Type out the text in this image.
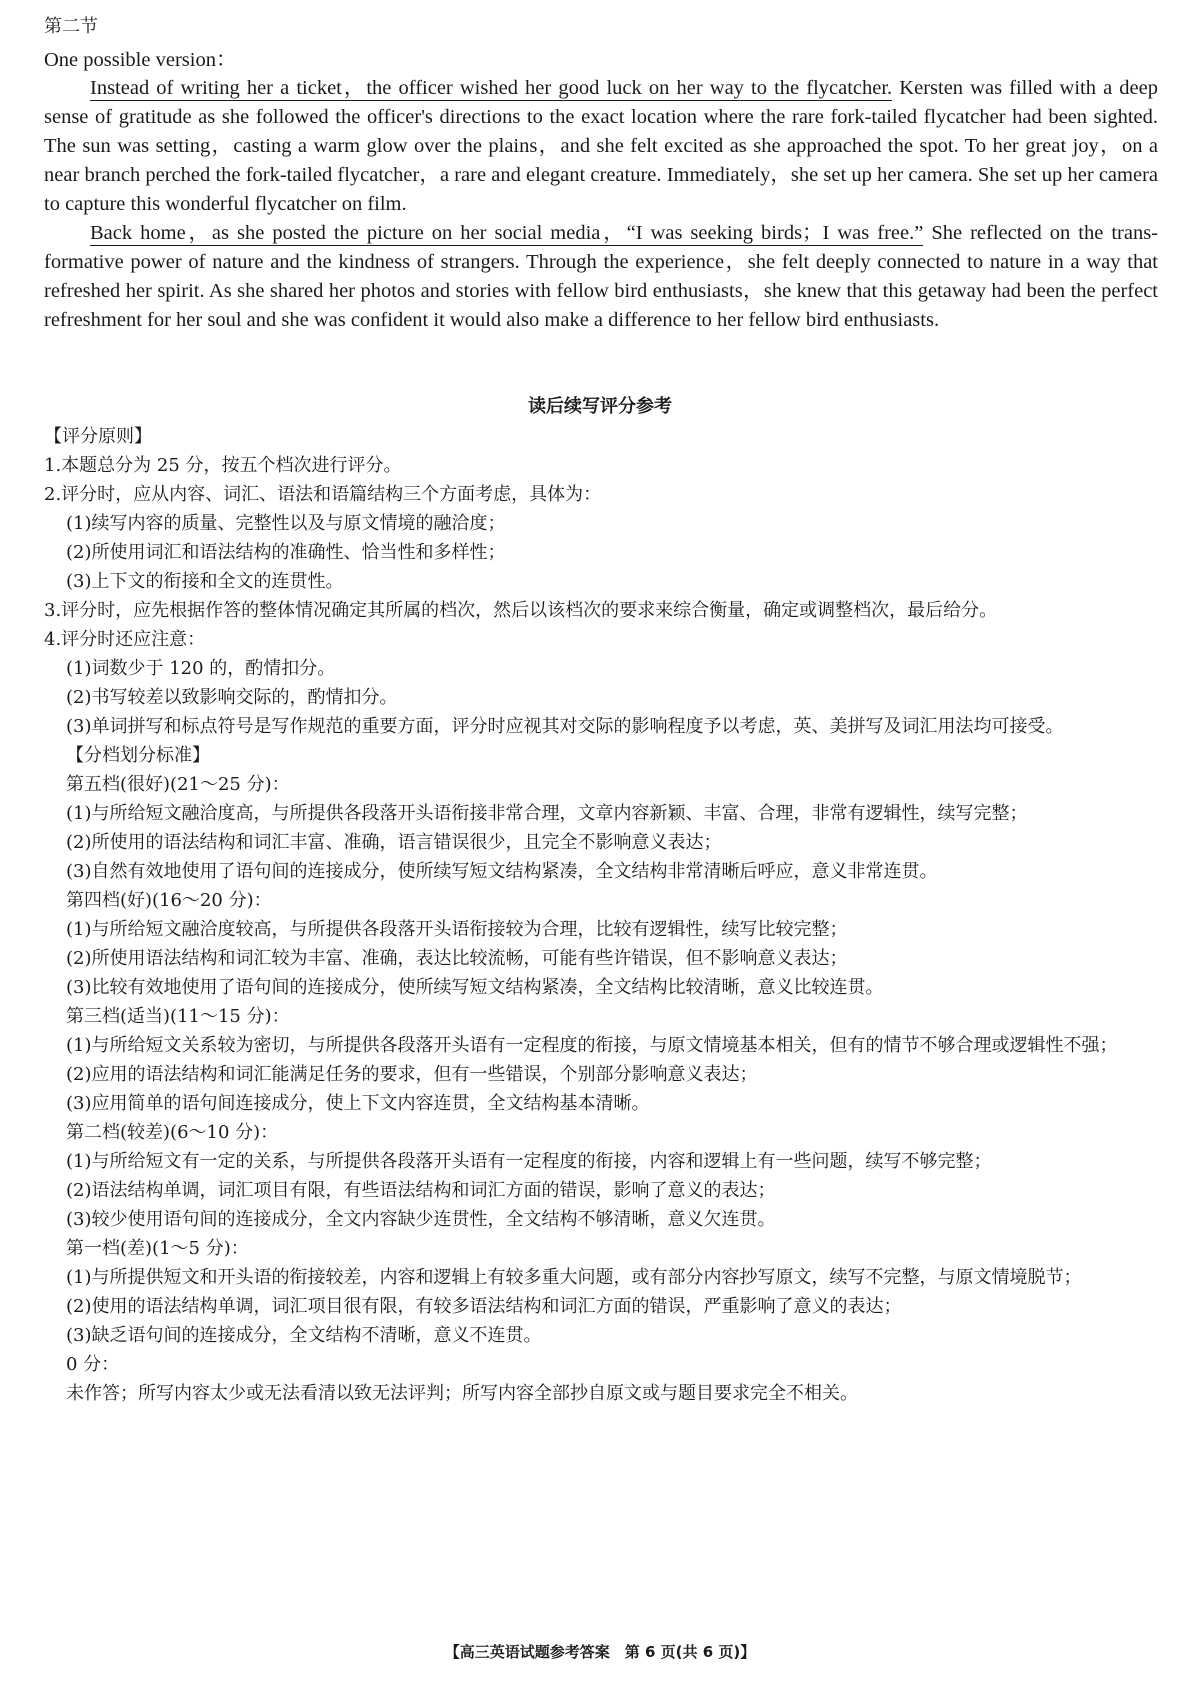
第二节
One possible version：

Instead of writing her a ticket，the officer wished her good luck on her way to the flycatcher. Kersten was filled with a deep sense of gratitude as she followed the officer's directions to the exact location where the rare fork-tailed flycatcher had been sighted. The sun was setting，casting a warm glow over the plains，and she felt excited as she approached the spot. To her great joy，on a near branch perched the fork-tailed flycatcher，a rare and elegant creature. Immediately，she set up her camera. She set up her camera to capture this wonderful flycatcher on film.

Back home，as she posted the picture on her social media，“I was seeking birds；I was free.” She reflected on the trans-formative power of nature and the kindness of strangers. Through the experience，she felt deeply connected to nature in a way that refreshed her spirit. As she shared her photos and stories with fellow bird enthusiasts，she knew that this getaway had been the perfect refreshment for her soul and she was confident it would also make a difference to her fellow bird enthusiasts.

读后续写评分参考
【评分原则】
1.本题总分为 25 分，按五个档次进行评分。
2.评分时，应从内容、词汇、语法和语篇结构三个方面考虑，具体为：
(1)续写内容的质量、完整性以及与原文情境的融洽度；
(2)所使用词汇和语法结构的准确性、恰当性和多样性；
(3)上下文的衔接和全文的连贯性。
3.评分时，应先根据作答的整体情况确定其所属的档次，然后以该档次的要求来综合衡量，确定或调整档次，最后给分。
4.评分时还应注意：
(1)词数少于 120 的，酌情扣分。
(2)书写较差以致影响交际的，酌情扣分。
(3)单词拼写和标点符号是写作规范的重要方面，评分时应视其对交际的影响程度予以考虑，英、美拼写及词汇用法均可接受。
【分档划分标准】
第五档(很好)(21～25 分)：
(1)与所给短文融洽度高，与所提供各段落开头语衔接非常合理，文章内容新颖、丰富、合理，非常有逻辑性，续写完整；
(2)所使用的语法结构和词汇丰富、准确，语言错误很少，且完全不影响意义表达；
(3)自然有效地使用了语句间的连接成分，使所续写短文结构紧凑，全文结构非常清晰后呼应，意义非常连贯。
第四档(好)(16～20 分)：
(1)与所给短文融洽度较高，与所提供各段落开头语衔接较为合理，比较有逻辑性，续写比较完整；
(2)所使用语法结构和词汇较为丰富、准确，表达比较流畅，可能有些许错误，但不影响意义表达；
(3)比较有效地使用了语句间的连接成分，使所续写短文结构紧凑，全文结构比较清晰，意义比较连贯。
第三档(适当)(11～15 分)：
(1)与所给短文关系较为密切，与所提供各段落开头语有一定程度的衔接，与原文情境基本相关，但有的情节不够合理或逻辑性不强；
(2)应用的语法结构和词汇能满足任务的要求，但有一些错误，个别部分影响意义表达；
(3)应用简单的语句间连接成分，使上下文内容连贯，全文结构基本清晰。
第二档(较差)(6～10 分)：
(1)与所给短文有一定的关系，与所提供各段落开头语有一定程度的衔接，内容和逻辑上有一些问题，续写不够完整；
(2)语法结构单调，词汇项目有限，有些语法结构和词汇方面的错误，影响了意义的表达；
(3)较少使用语句间的连接成分，全文内容缺少连贯性，全文结构不够清晰，意义欠连贯。
第一档(差)(1～5 分)：
(1)与所提供短文和开头语的衔接较差，内容和逻辑上有较多重大问题，或有部分内容抄写原文，续写不完整，与原文情境脱节；
(2)使用的语法结构单调，词汇项目很有限，有较多语法结构和词汇方面的错误，严重影响了意义的表达；
(3)缺乏语句间的连接成分，全文结构不清晰，意义不连贯。
0 分：
未作答；所写内容太少或无法看清以致无法评判；所写内容全部抄自原文或与题目要求完全不相关。
【高三英语试题参考答案　第 6 页(共 6 页)】
